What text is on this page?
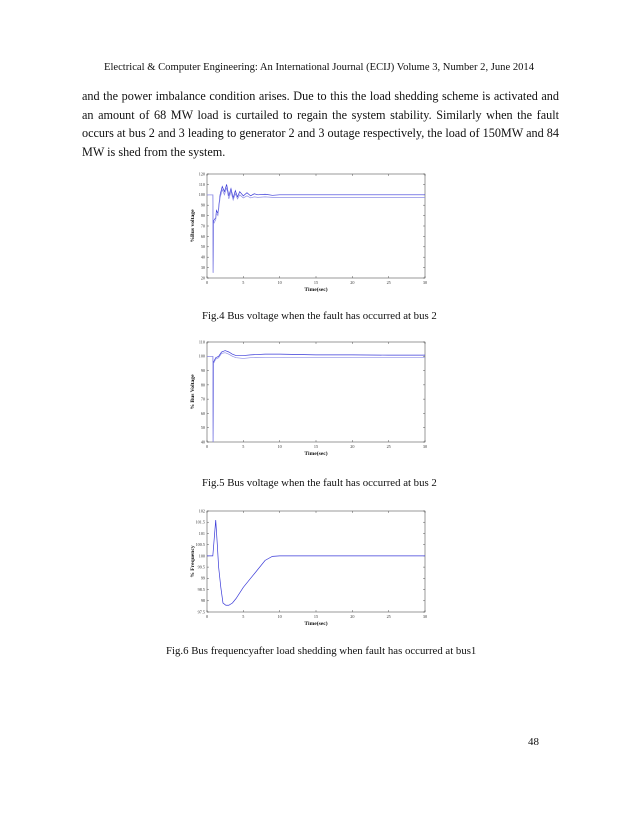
Electrical & Computer Engineering: An International Journal (ECIJ) Volume 3, Number 2, June 2014

and the power imbalance condition arises. Due to this the load shedding scheme is activated and an amount of 68 MW load is curtailed to regain the system stability. Similarly when the fault occurs at bus 2 and 3 leading to generator 2 and 3 outage respectively, the load of 150MW and 84 MW is shed from the system.

0	5	10	15	20	25	30
20
30
40
50
60
70
80
90
100
110
120
Time(sec)
%Bus voltage
Fig.4 Bus voltage when the fault has occurred at bus 2
0	5	10	15	20	25	30
40
50
60
70
80
90
100
110
Time(sec)
% Bus Voltage
Fig.5 Bus voltage when the fault has occurred at bus 2
0	5	10	15	20	25	30
97.5
98
98.5
99
99.5
100
100.5
101
101.5
102
Time(sec)
% Frequency
Fig.6 Bus frequencyafter load shedding when fault has occurred at bus1
48
